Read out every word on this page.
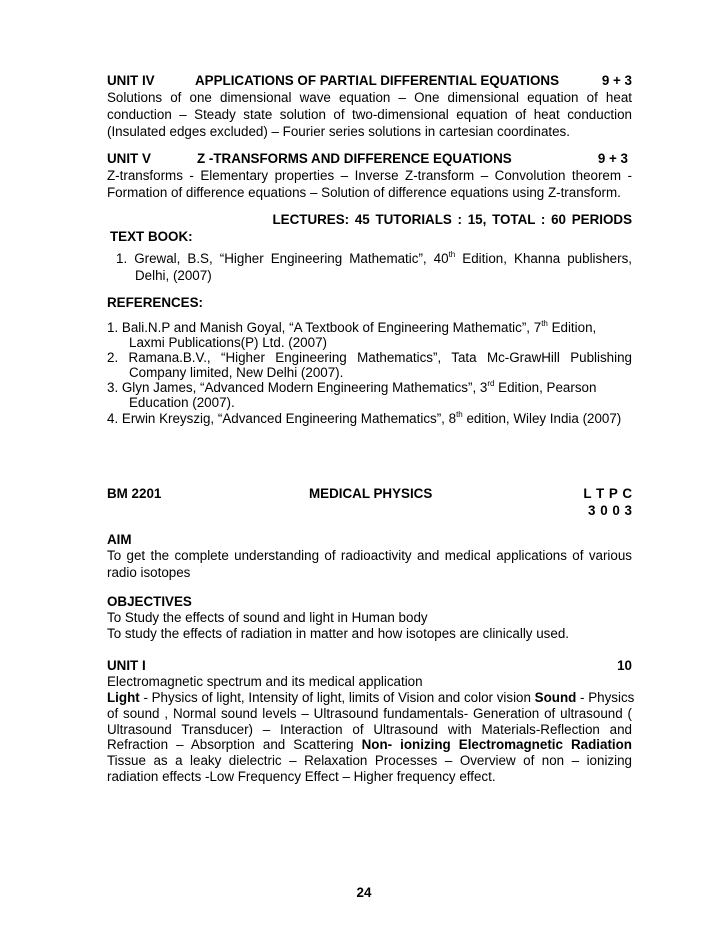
UNIT IV	APPLICATIONS OF PARTIAL DIFFERENTIAL EQUATIONS	9 + 3
Solutions of one dimensional wave equation – One dimensional equation of heat
conduction – Steady state solution of two-dimensional equation of heat conduction
(Insulated edges excluded) – Fourier series solutions in cartesian coordinates.
UNIT V	Z -TRANSFORMS AND DIFFERENCE EQUATIONS	9 + 3
Z-transforms - Elementary properties – Inverse Z-transform – Convolution theorem -
Formation of difference equations – Solution of difference equations using Z-transform.
LECTURES: 45 TUTORIALS : 15, TOTAL : 60 PERIODS
TEXT BOOK:
1. Grewal, B.S, “Higher Engineering Mathematic”, 40th Edition, Khanna publishers,
Delhi, (2007)
REFERENCES:
1. Bali.N.P and Manish Goyal, “A Textbook of Engineering Mathematic”, 7th Edition,
Laxmi Publications(P) Ltd. (2007)
2. Ramana.B.V., “Higher Engineering Mathematics”, Tata Mc-GrawHill Publishing
Company limited, New Delhi (2007).
3. Glyn James, “Advanced Modern Engineering Mathematics”, 3rd Edition, Pearson
Education (2007).
4. Erwin Kreyszig, “Advanced Engineering Mathematics”, 8th edition, Wiley India (2007)
BM 2201	MEDICAL PHYSICS	L T P C
3 0 0 3
AIM
To get the complete understanding of radioactivity and medical applications of various
radio isotopes
OBJECTIVES
To Study the effects of sound and light in Human body
To study the effects of radiation in matter and how isotopes are clinically used.
UNIT I	10
Electromagnetic spectrum and its medical application
Light - Physics of light, Intensity of light, limits of Vision and color vision Sound - Physics
of sound , Normal sound levels – Ultrasound fundamentals- Generation of ultrasound (
Ultrasound Transducer) – Interaction of Ultrasound with Materials-Reflection and
Refraction – Absorption and Scattering Non- ionizing Electromagnetic Radiation
Tissue as a leaky dielectric – Relaxation Processes – Overview of non – ionizing
radiation effects -Low Frequency Effect – Higher frequency effect.
24
